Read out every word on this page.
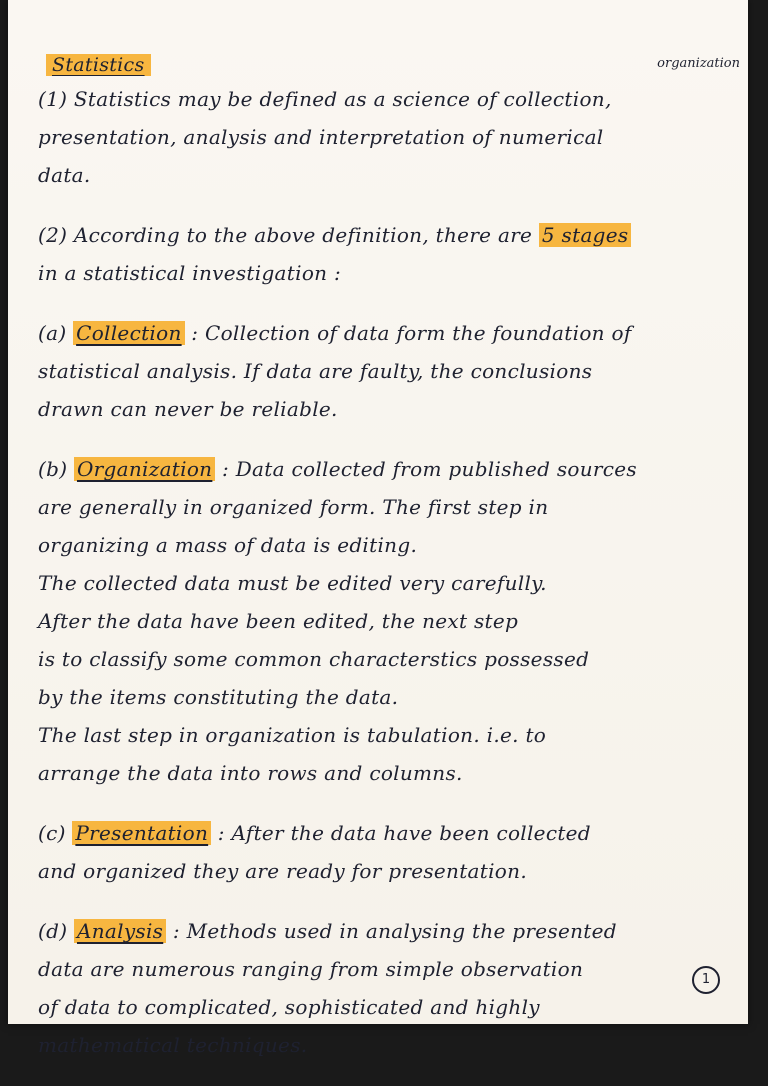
organization
Statistics

(1) Statistics may be defined as a science of collection,

presentation, analysis and interpretation of numerical

data.

(2) According to the above definition, there are 5 stages

in a statistical investigation :

(a) Collection : Collection of data form the foundation of

statistical analysis. If data are faulty, the conclusions

drawn can never be reliable.

(b) Organization : Data collected from published sources

are generally in organized form. The first step in

organizing a mass of data is editing.

The collected data must be edited very carefully.

After the data have been edited, the next step

is to classify some common characterstics possessed

by the items constituting the data.

The last step in organization is tabulation. i.e. to

arrange the data into rows and columns.

(c) Presentation : After the data have been collected

and organized they are ready for presentation.

(d) Analysis : Methods used in analysing the presented

data are numerous ranging from simple observation

of data to complicated, sophisticated and highly

mathematical techniques.

1
